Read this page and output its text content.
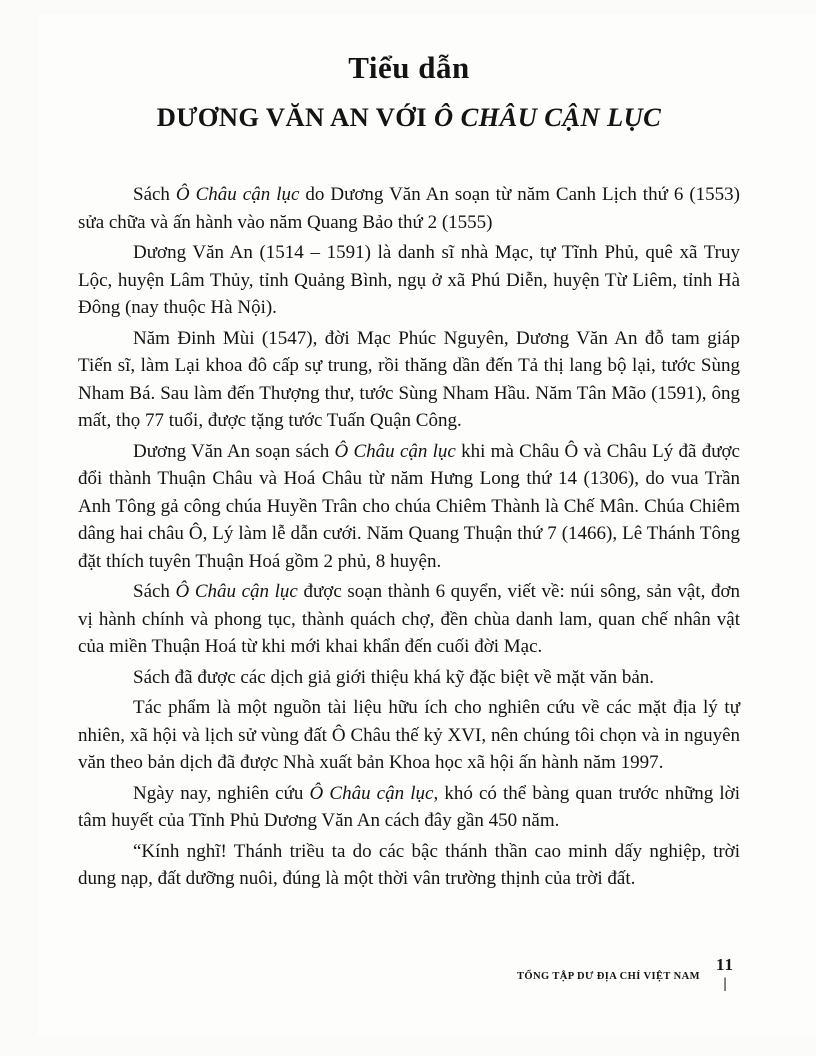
Tiểu dẫn
DƯƠNG VĂN AN VỚI Ô CHÂU CẬN LỤC

Sách Ô Châu cận lục do Dương Văn An soạn từ năm Canh Lịch thứ 6 (1553) sửa chữa và ấn hành vào năm Quang Bảo thứ 2 (1555)

Dương Văn An (1514 – 1591) là danh sĩ nhà Mạc, tự Tĩnh Phủ, quê xã Truy Lộc, huyện Lâm Thủy, tỉnh Quảng Bình, ngụ ở xã Phú Diễn, huyện Từ Liêm, tỉnh Hà Đông (nay thuộc Hà Nội).

Năm Đinh Mùi (1547), đời Mạc Phúc Nguyên, Dương Văn An đỗ tam giáp Tiến sĩ, làm Lại khoa đô cấp sự trung, rồi thăng dần đến Tả thị lang bộ lại, tước Sùng Nham Bá. Sau làm đến Thượng thư, tước Sùng Nham Hầu. Năm Tân Mão (1591), ông mất, thọ 77 tuổi, được tặng tước Tuấn Quận Công.

Dương Văn An soạn sách Ô Châu cận lục khi mà Châu Ô và Châu Lý đã được đổi thành Thuận Châu và Hoá Châu từ năm Hưng Long thứ 14 (1306), do vua Trần Anh Tông gả công chúa Huyền Trân cho chúa Chiêm Thành là Chế Mân. Chúa Chiêm dâng hai châu Ô, Lý làm lễ dẫn cưới. Năm Quang Thuận thứ 7 (1466), Lê Thánh Tông đặt thích tuyên Thuận Hoá gồm 2 phủ, 8 huyện.

Sách Ô Châu cận lục được soạn thành 6 quyển, viết về: núi sông, sản vật, đơn vị hành chính và phong tục, thành quách chợ, đền chùa danh lam, quan chế nhân vật của miền Thuận Hoá từ khi mới khai khẩn đến cuối đời Mạc.

Sách đã được các dịch giả giới thiệu khá kỹ đặc biệt về mặt văn bản.

Tác phẩm là một nguồn tài liệu hữu ích cho nghiên cứu về các mặt địa lý tự nhiên, xã hội và lịch sử vùng đất Ô Châu thế kỷ XVI, nên chúng tôi chọn và in nguyên văn theo bản dịch đã được Nhà xuất bản Khoa học xã hội ấn hành năm 1997.

Ngày nay, nghiên cứu Ô Châu cận lục, khó có thể bàng quan trước những lời tâm huyết của Tĩnh Phủ Dương Văn An cách đây gần 450 năm.

“Kính nghĩ! Thánh triều ta do các bậc thánh thần cao minh dấy nghiệp, trời dung nạp, đất dưỡng nuôi, đúng là một thời vân trường thịnh của trời đất.

TỔNG TẬP DƯ ĐỊA CHÍ VIỆT NAM
11
|
